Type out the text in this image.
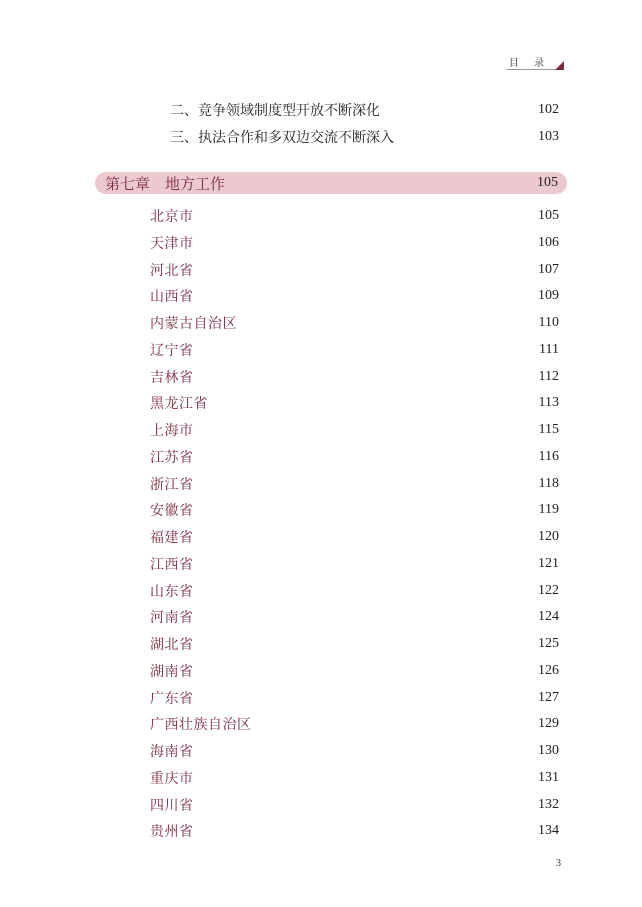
目 录
二、竞争领域制度型开放不断深化	102
三、执法合作和多双边交流不断深入	103
第七章　地方工作	105
北京市	105
天津市	106
河北省	107
山西省	109
内蒙古自治区	110
辽宁省	111
吉林省	112
黑龙江省	113
上海市	115
江苏省	116
浙江省	118
安徽省	119
福建省	120
江西省	121
山东省	122
河南省	124
湖北省	125
湖南省	126
广东省	127
广西壮族自治区	129
海南省	130
重庆市	131
四川省	132
贵州省	134
3
